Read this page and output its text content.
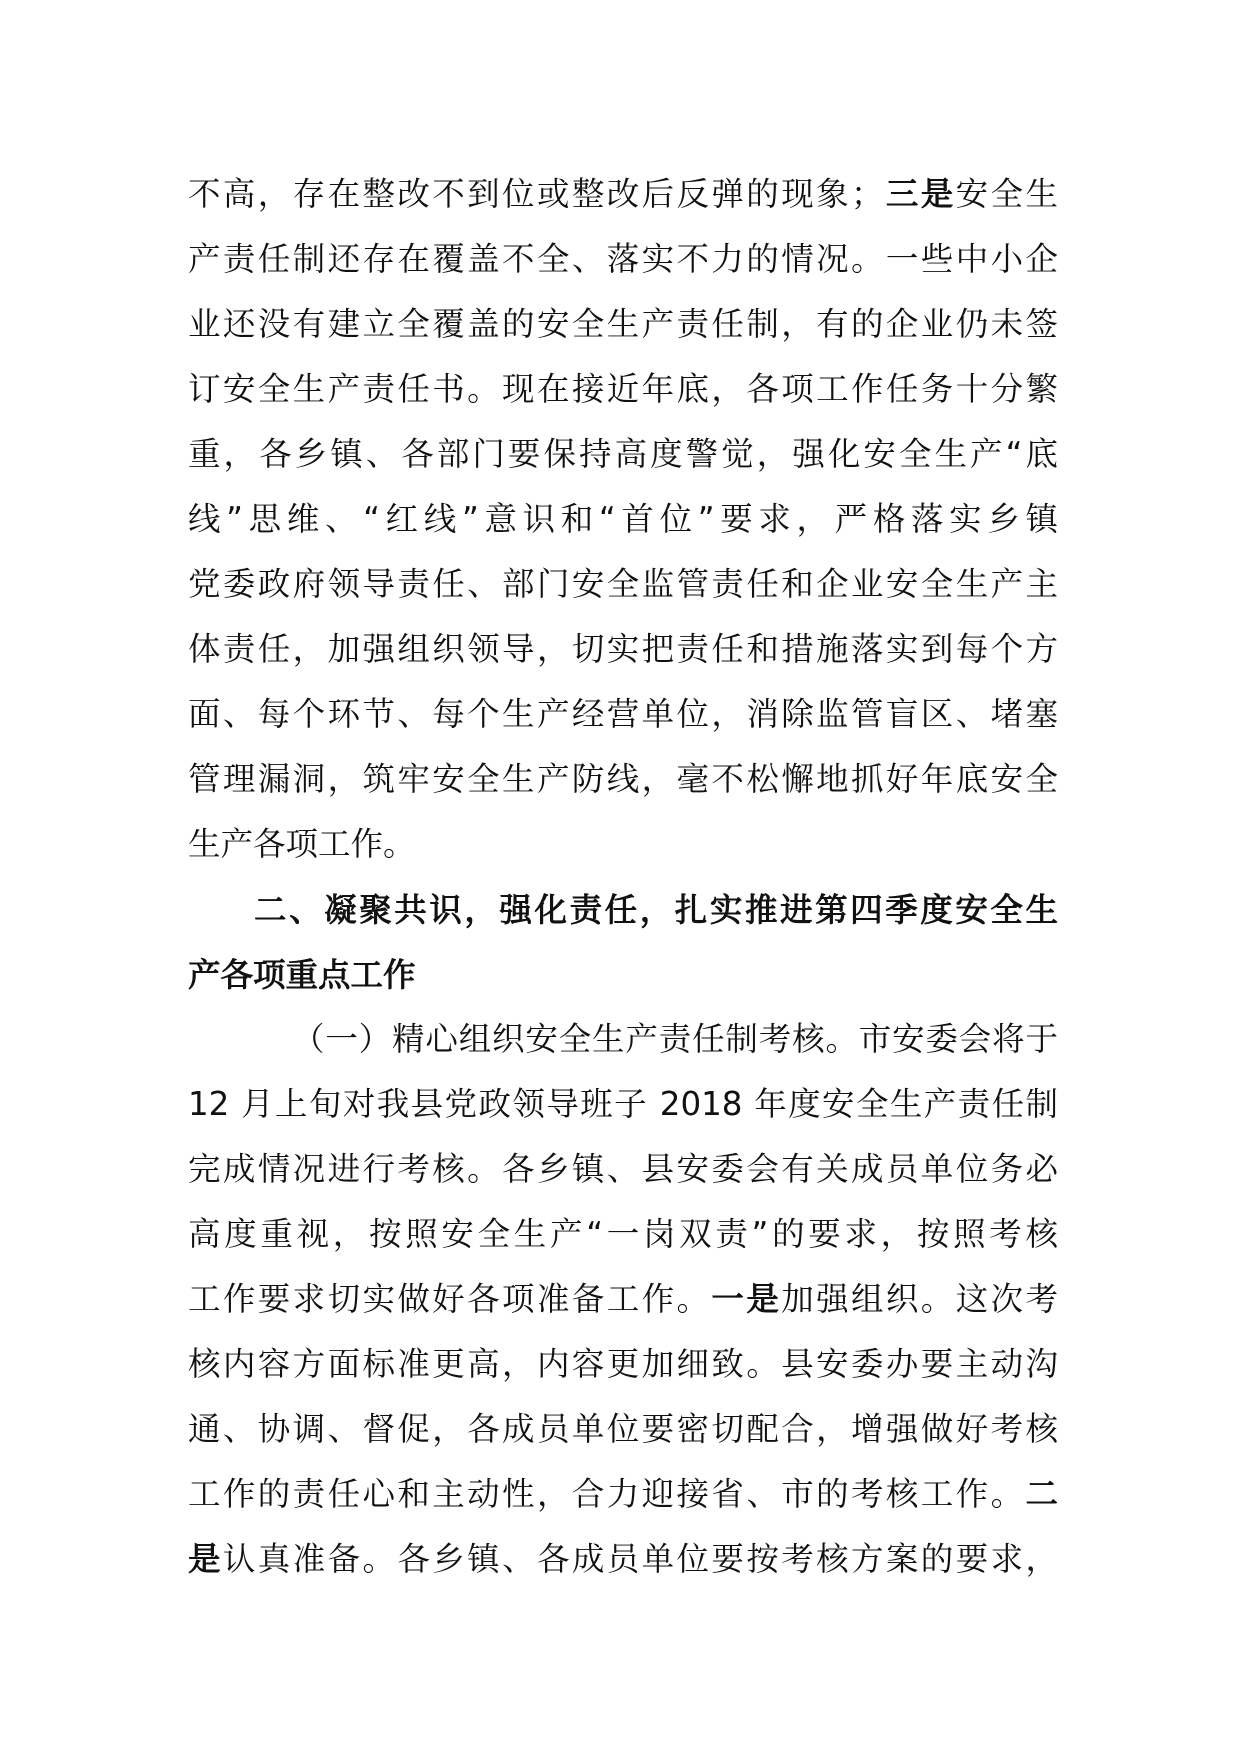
不高，存在整改不到位或整改后反弹的现象；三是安全生
产责任制还存在覆盖不全、落实不力的情况。一些中小企
业还没有建立全覆盖的安全生产责任制，有的企业仍未签
订安全生产责任书。现在接近年底，各项工作任务十分繁
重，各乡镇、各部门要保持高度警觉，强化安全生产“底
线”思维、“红线”意识和“首位”要求，严格落实乡镇
党委政府领导责任、部门安全监管责任和企业安全生产主
体责任，加强组织领导，切实把责任和措施落实到每个方
面、每个环节、每个生产经营单位，消除监管盲区、堵塞
管理漏洞，筑牢安全生产防线，毫不松懈地抓好年底安全
生产各项工作。
二、凝聚共识，强化责任，扎实推进第四季度安全生
产各项重点工作
（一）精心组织安全生产责任制考核。市安委会将于
12 月上旬对我县党政领导班子 2018 年度安全生产责任制
完成情况进行考核。各乡镇、县安委会有关成员单位务必
高度重视，按照安全生产“一岗双责”的要求，按照考核
工作要求切实做好各项准备工作。一是加强组织。这次考
核内容方面标准更高，内容更加细致。县安委办要主动沟
通、协调、督促，各成员单位要密切配合，增强做好考核
工作的责任心和主动性，合力迎接省、市的考核工作。二
是认真准备。各乡镇、各成员单位要按考核方案的要求，
